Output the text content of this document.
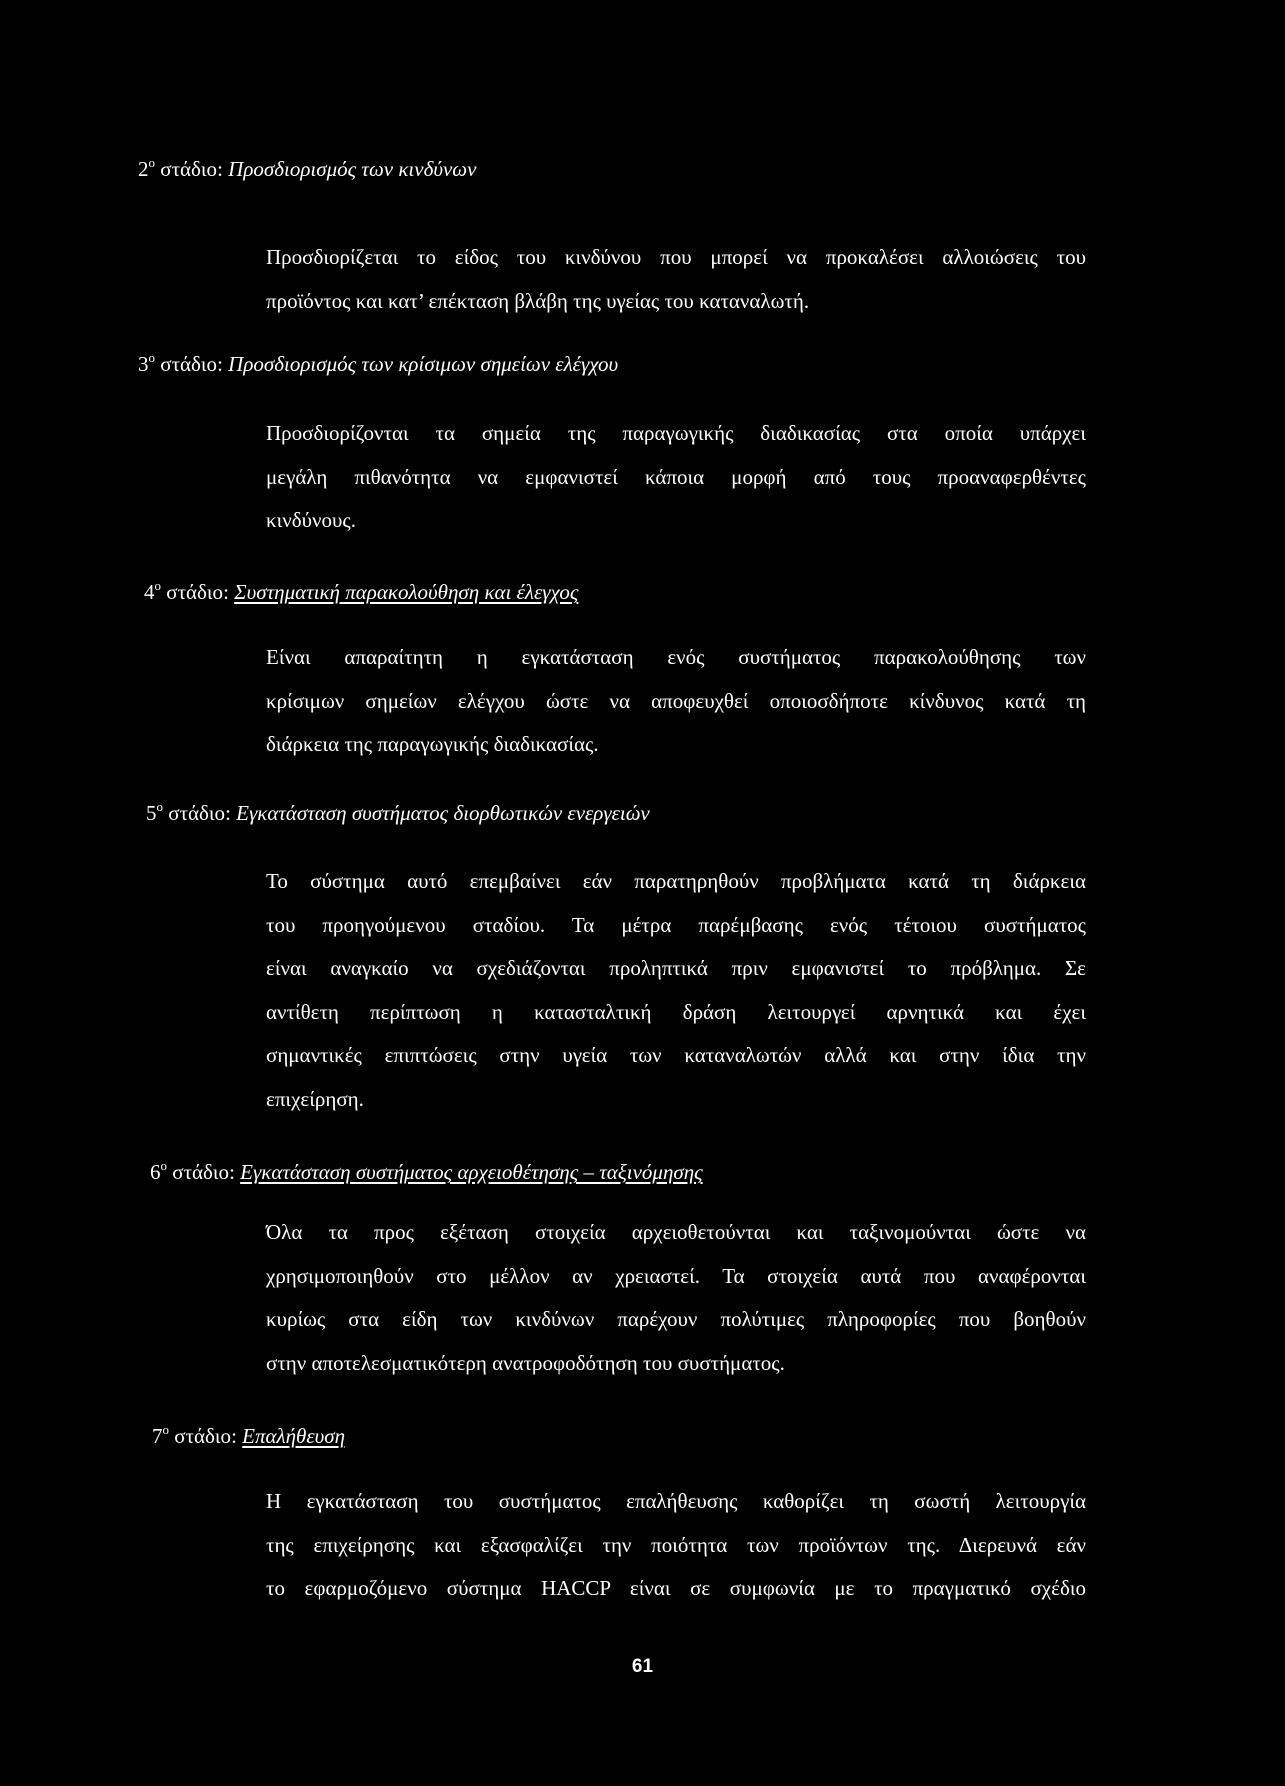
$2^o$ στάδιο: Προσδιορισμός των κινδύνων
Προσδιορίζεται το είδος του κινδύνου που μπορεί να προκαλέσει αλλοιώσεις του
προϊόντος και κατ’ επέκταση βλάβη της υγείας του καταναλωτή.
$3^o$ στάδιο: Προσδιορισμός των κρίσιμων σημείων ελέγχου
Προσδιορίζονται τα σημεία της παραγωγικής διαδικασίας στα οποία υπάρχει
μεγάλη πιθανότητα να εμφανιστεί κάποια μορφή από τους προαναφερθέντες
κινδύνους.
$4^o$ στάδιο: Συστηματική παρακολούθηση και έλεγχος
Είναι απαραίτητη η εγκατάσταση ενός συστήματος παρακολούθησης των
κρίσιμων σημείων ελέγχου ώστε να αποφευχθεί οποιοσδήποτε κίνδυνος κατά τη
διάρκεια της παραγωγικής διαδικασίας.
$5^o$ στάδιο: Εγκατάσταση συστήματος διορθωτικών ενεργειών
Το σύστημα αυτό επεμβαίνει εάν παρατηρηθούν προβλήματα κατά τη διάρκεια
του προηγούμενου σταδίου. Τα μέτρα παρέμβασης ενός τέτοιου συστήματος
είναι αναγκαίο να σχεδιάζονται προληπτικά πριν εμφανιστεί το πρόβλημα. Σε
αντίθετη περίπτωση η κατασταλτική δράση λειτουργεί αρνητικά και έχει
σημαντικές επιπτώσεις στην υγεία των καταναλωτών αλλά και στην ίδια την
επιχείρηση.
$6^o$ στάδιο: Εγκατάσταση συστήματος αρχειοθέτησης – ταξινόμησης
Όλα τα προς εξέταση στοιχεία αρχειοθετούνται και ταξινομούνται ώστε να
χρησιμοποιηθούν στο μέλλον αν χρειαστεί. Τα στοιχεία αυτά που αναφέρονται
κυρίως στα είδη των κινδύνων παρέχουν πολύτιμες πληροφορίες που βοηθούν
στην αποτελεσματικότερη ανατροφοδότηση του συστήματος.
$7^o$ στάδιο: Επαλήθευση
Η εγκατάσταση του συστήματος επαλήθευσης καθορίζει τη σωστή λειτουργία
της επιχείρησης και εξασφαλίζει την ποιότητα των προϊόντων της. Διερευνά εάν
το εφαρμοζόμενο σύστημα HACCP είναι σε συμφωνία με το πραγματικό σχέδιο
61
